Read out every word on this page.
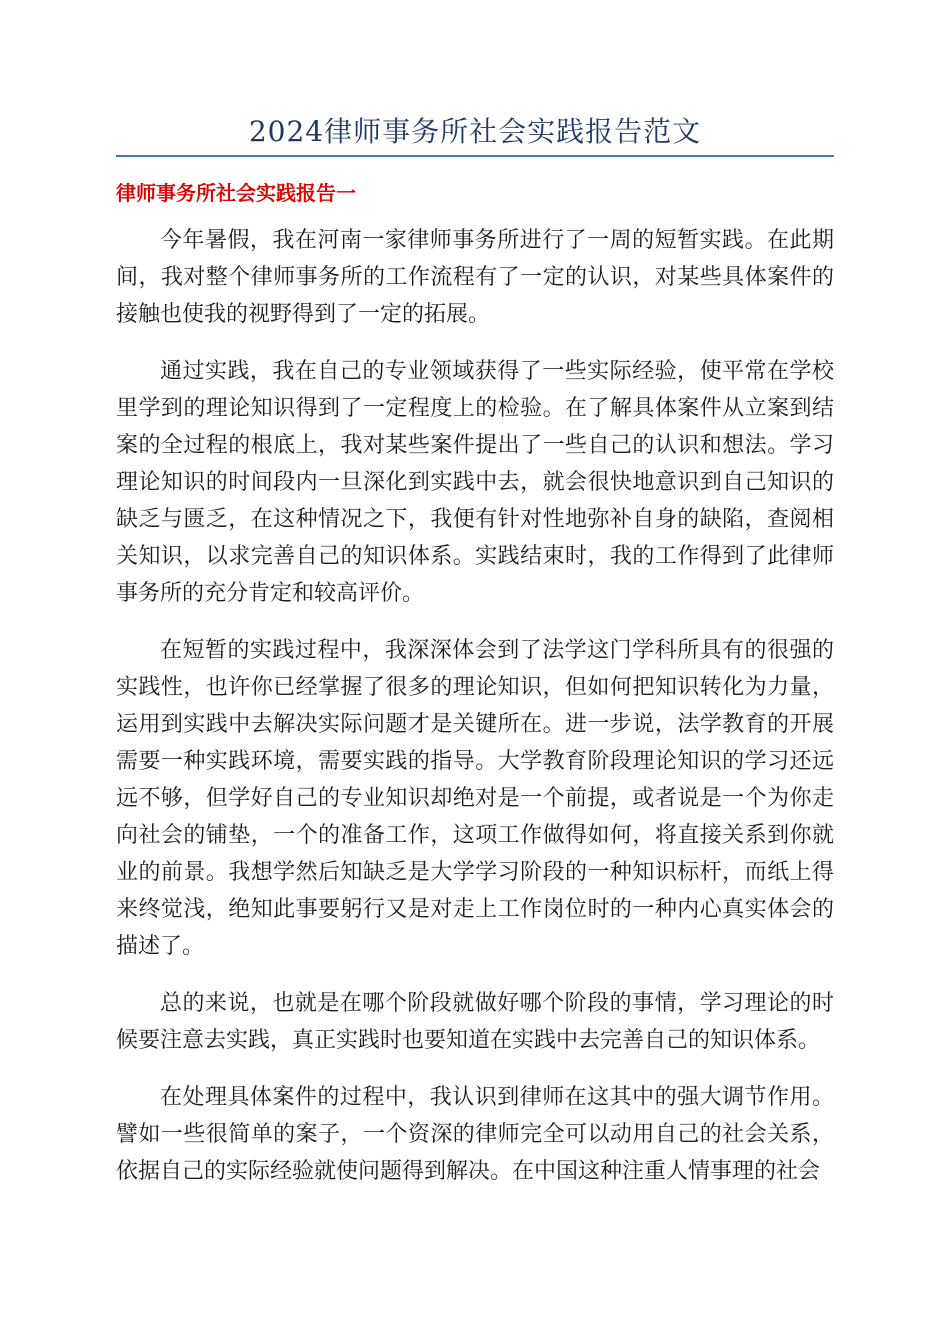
2024律师事务所社会实践报告范文
律师事务所社会实践报告一

今年暑假，我在河南一家律师事务所进行了一周的短暂实践。在此期间，我对整个律师事务所的工作流程有了一定的认识，对某些具体案件的接触也使我的视野得到了一定的拓展。

通过实践，我在自己的专业领域获得了一些实际经验，使平常在学校里学到的理论知识得到了一定程度上的检验。在了解具体案件从立案到结案的全过程的根底上，我对某些案件提出了一些自己的认识和想法。学习理论知识的时间段内一旦深化到实践中去，就会很快地意识到自己知识的缺乏与匮乏，在这种情况之下，我便有针对性地弥补自身的缺陷，查阅相关知识，以求完善自己的知识体系。实践结束时，我的工作得到了此律师事务所的充分肯定和较高评价。

在短暂的实践过程中，我深深体会到了法学这门学科所具有的很强的实践性，也许你已经掌握了很多的理论知识，但如何把知识转化为力量，运用到实践中去解决实际问题才是关键所在。进一步说，法学教育的开展需要一种实践环境，需要实践的指导。大学教育阶段理论知识的学习还远远不够，但学好自己的专业知识却绝对是一个前提，或者说是一个为你走向社会的铺垫，一个的准备工作，这项工作做得如何，将直接关系到你就业的前景。我想学然后知缺乏是大学学习阶段的一种知识标杆，而纸上得来终觉浅，绝知此事要躬行又是对走上工作岗位时的一种内心真实体会的描述了。

总的来说，也就是在哪个阶段就做好哪个阶段的事情，学习理论的时候要注意去实践，真正实践时也要知道在实践中去完善自己的知识体系。

在处理具体案件的过程中，我认识到律师在这其中的强大调节作用。譬如一些很简单的案子，一个资深的律师完全可以动用自己的社会关系，依据自己的实际经验就使问题得到解决。在中国这种注重人情事理的社会
